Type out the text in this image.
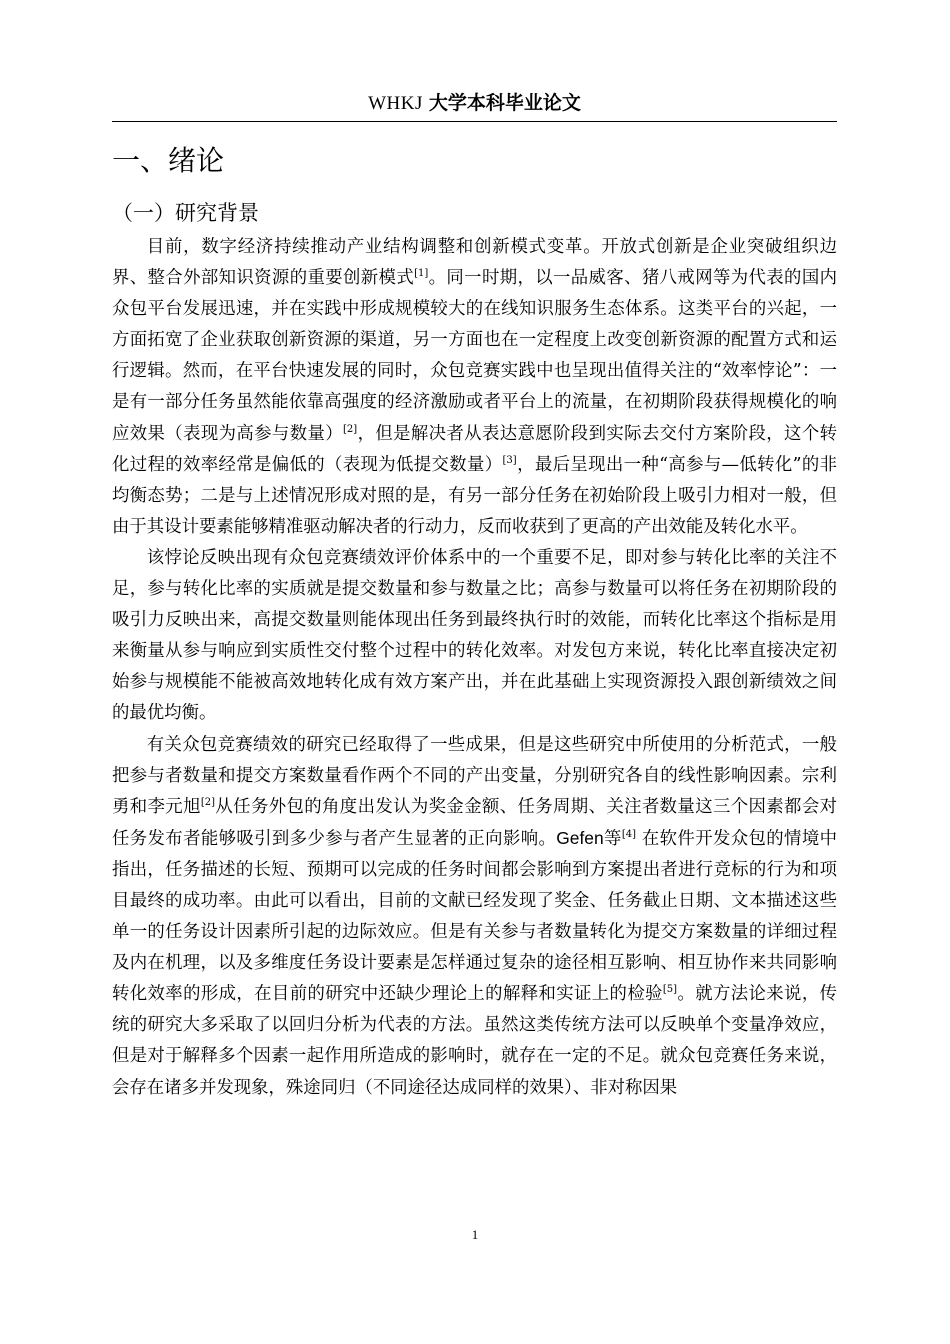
WHKJ 大学本科毕业论文
一、绪论
（一）研究背景

目前，数字经济持续推动产业结构调整和创新模式变革。开放式创新是企业突破组织边界、整合外部知识资源的重要创新模式[1]。同一时期，以一品威客、猪八戒网等为代表的国内众包平台发展迅速，并在实践中形成规模较大的在线知识服务生态体系。这类平台的兴起，一方面拓宽了企业获取创新资源的渠道，另一方面也在一定程度上改变创新资源的配置方式和运行逻辑。然而，在平台快速发展的同时，众包竞赛实践中也呈现出值得关注的“效率悖论”：一是有一部分任务虽然能依靠高强度的经济激励或者平台上的流量，在初期阶段获得规模化的响应效果（表现为高参与数量）[2]，但是解决者从表达意愿阶段到实际去交付方案阶段，这个转化过程的效率经常是偏低的（表现为低提交数量）[3]，最后呈现出一种“高参与—低转化”的非均衡态势；二是与上述情况形成对照的是，有另一部分任务在初始阶段上吸引力相对一般，但由于其设计要素能够精准驱动解决者的行动力，反而收获到了更高的产出效能及转化水平。

该悖论反映出现有众包竞赛绩效评价体系中的一个重要不足，即对参与转化比率的关注不足，参与转化比率的实质就是提交数量和参与数量之比；高参与数量可以将任务在初期阶段的吸引力反映出来，高提交数量则能体现出任务到最终执行时的效能，而转化比率这个指标是用来衡量从参与响应到实质性交付整个过程中的转化效率。对发包方来说，转化比率直接决定初始参与规模能不能被高效地转化成有效方案产出，并在此基础上实现资源投入跟创新绩效之间的最优均衡。

有关众包竞赛绩效的研究已经取得了一些成果，但是这些研究中所使用的分析范式，一般把参与者数量和提交方案数量看作两个不同的产出变量，分别研究各自的线性影响因素。宗利勇和李元旭[2]从任务外包的角度出发认为奖金金额、任务周期、关注者数量这三个因素都会对任务发布者能够吸引到多少参与者产生显著的正向影响。Gefen等[4] 在软件开发众包的情境中指出，任务描述的长短、预期可以完成的任务时间都会影响到方案提出者进行竞标的行为和项目最终的成功率。由此可以看出，目前的文献已经发现了奖金、任务截止日期、文本描述这些单一的任务设计因素所引起的边际效应。但是有关参与者数量转化为提交方案数量的详细过程及内在机理，以及多维度任务设计要素是怎样通过复杂的途径相互影响、相互协作来共同影响转化效率的形成，在目前的研究中还缺少理论上的解释和实证上的检验[5]。就方法论来说，传统的研究大多采取了以回归分析为代表的方法。虽然这类传统方法可以反映单个变量净效应，但是对于解释多个因素一起作用所造成的影响时，就存在一定的不足。就众包竞赛任务来说，会存在诸多并发现象，殊途同归（不同途径达成同样的效果）、非对称因果

1
